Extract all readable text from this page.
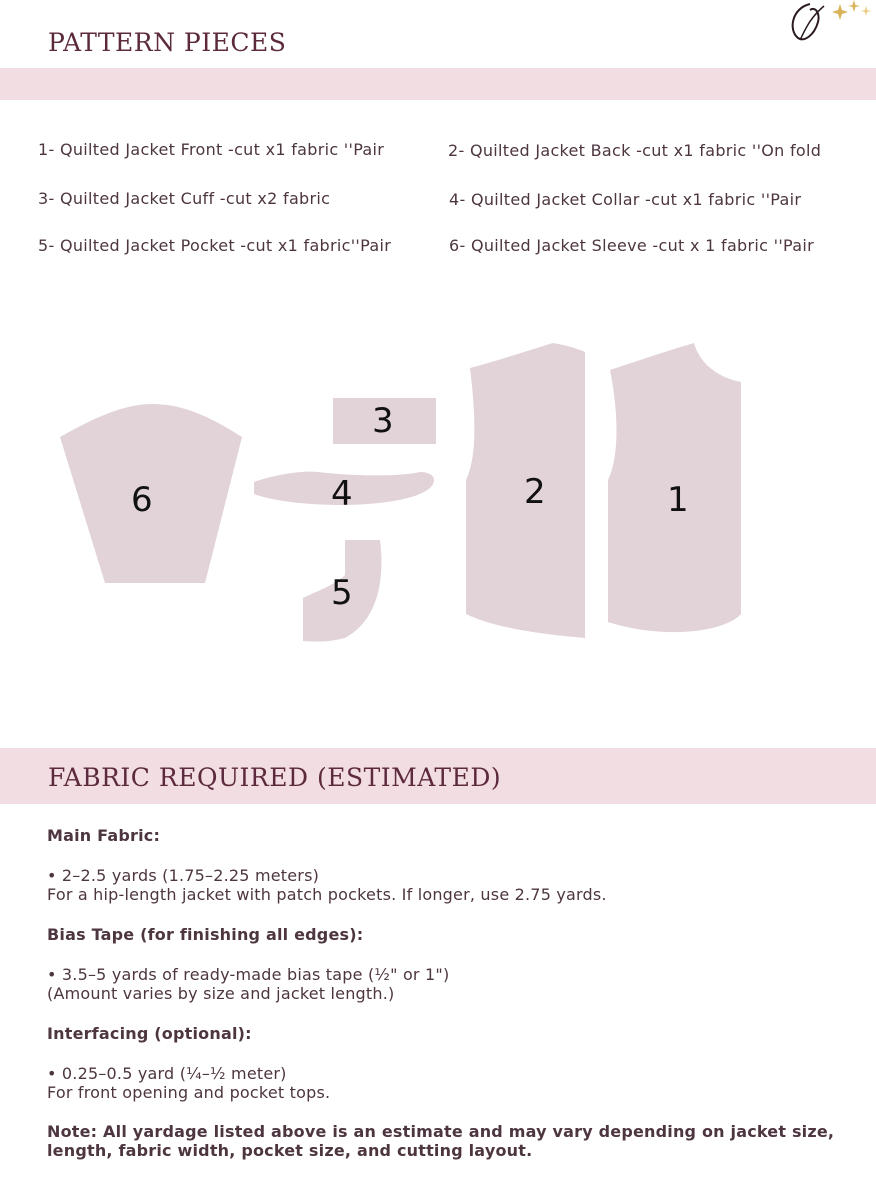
PATTERN PIECES
1- Quilted Jacket Front -cut x1 fabric ''Pair	2- Quilted Jacket Back -cut x1 fabric ''On fold
3- Quilted Jacket Cuff -cut x2 fabric	4- Quilted Jacket Collar -cut x1 fabric ''Pair
5- Quilted Jacket Pocket -cut x1 fabric''Pair	6- Quilted Jacket Sleeve -cut x 1 fabric ''Pair
6
3
4
5
2	1
FABRIC REQUIRED (ESTIMATED)

Main Fabric:

• 2–2.5 yards (1.75–2.25 meters)

For a hip-length jacket with patch pockets. If longer, use 2.75 yards.

Bias Tape (for finishing all edges):

• 3.5–5 yards of ready-made bias tape (½" or 1")

(Amount varies by size and jacket length.)

Interfacing (optional):

• 0.25–0.5 yard (¼–½ meter)

For front opening and pocket tops.

Note: All yardage listed above is an estimate and may vary depending on jacket size,

length, fabric width, pocket size, and cutting layout.
